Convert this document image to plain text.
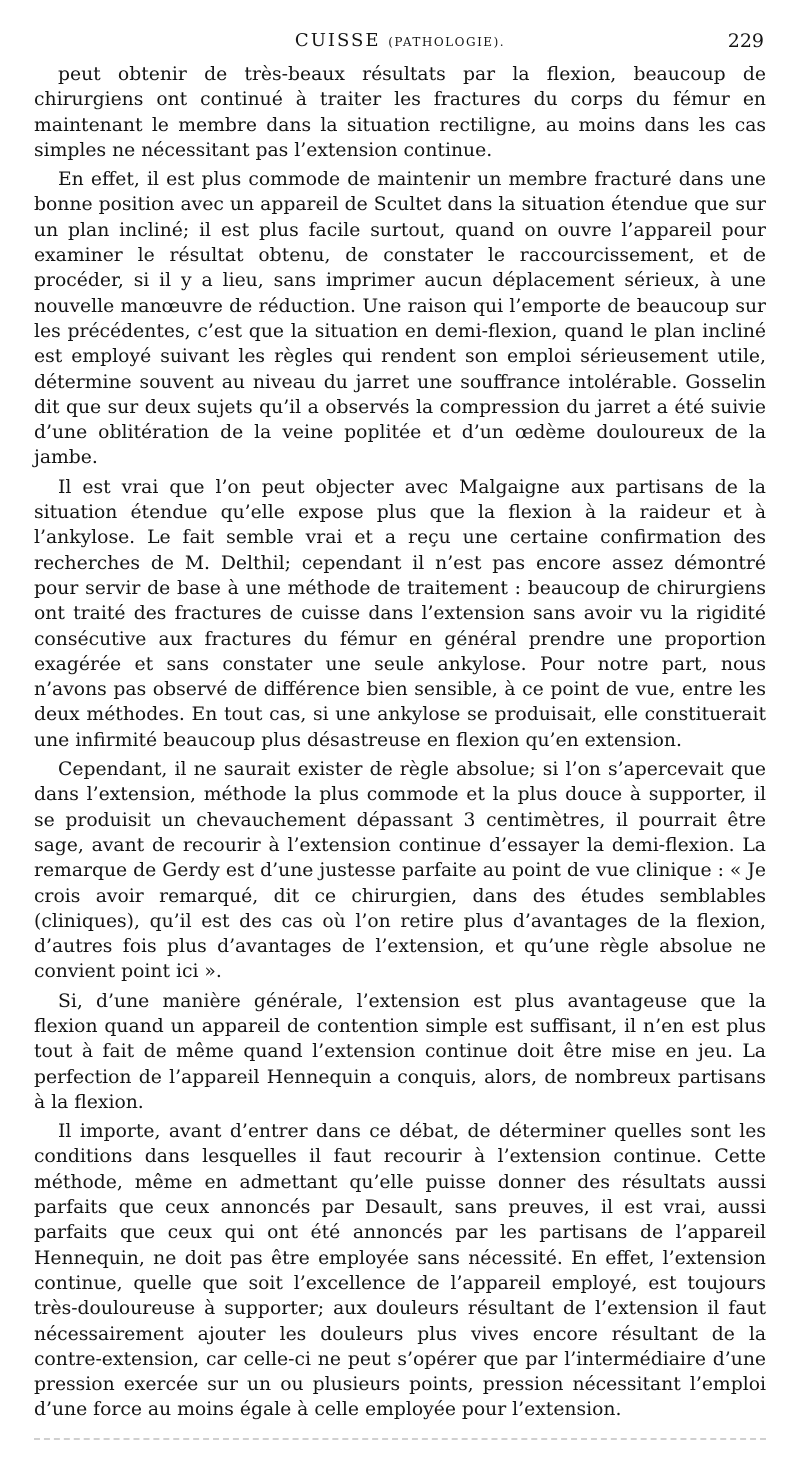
CUISSE (PATHOLOGIE).	229

peut obtenir de très-beaux résultats par la flexion, beaucoup de chirurgiens ont continué à traiter les fractures du corps du fémur en maintenant le membre dans la situation rectiligne, au moins dans les cas simples ne nécessitant pas l’extension continue.

En effet, il est plus commode de maintenir un membre fracturé dans une bonne position avec un appareil de Scultet dans la situation étendue que sur un plan incliné; il est plus facile surtout, quand on ouvre l’appareil pour examiner le résultat obtenu, de constater le raccourcissement, et de procéder, si il y a lieu, sans imprimer aucun déplacement sérieux, à une nouvelle manœuvre de réduction. Une raison qui l’emporte de beaucoup sur les précédentes, c’est que la situation en demi-flexion, quand le plan incliné est employé suivant les règles qui rendent son emploi sérieusement utile, détermine souvent au niveau du jarret une souffrance intolérable. Gosselin dit que sur deux sujets qu’il a observés la compression du jarret a été suivie d’une oblitération de la veine poplitée et d’un œdème douloureux de la jambe.

Il est vrai que l’on peut objecter avec Malgaigne aux partisans de la situation étendue qu’elle expose plus que la flexion à la raideur et à l’ankylose. Le fait semble vrai et a reçu une certaine confirmation des recherches de M. Delthil; cependant il n’est pas encore assez démontré pour servir de base à une méthode de traitement : beaucoup de chirurgiens ont traité des fractures de cuisse dans l’extension sans avoir vu la rigidité consécutive aux fractures du fémur en général prendre une proportion exagérée et sans constater une seule ankylose. Pour notre part, nous n’avons pas observé de différence bien sensible, à ce point de vue, entre les deux méthodes. En tout cas, si une ankylose se produisait, elle constituerait une infirmité beaucoup plus désastreuse en flexion qu’en extension.

Cependant, il ne saurait exister de règle absolue; si l’on s’apercevait que dans l’extension, méthode la plus commode et la plus douce à supporter, il se produisit un chevauchement dépassant 3 centimètres, il pourrait être sage, avant de recourir à l’extension continue d’essayer la demi-flexion. La remarque de Gerdy est d’une justesse parfaite au point de vue clinique : « Je crois avoir remarqué, dit ce chirurgien, dans des études semblables (cliniques), qu’il est des cas où l’on retire plus d’avantages de la flexion, d’autres fois plus d’avantages de l’extension, et qu’une règle absolue ne convient point ici ».

Si, d’une manière générale, l’extension est plus avantageuse que la flexion quand un appareil de contention simple est suffisant, il n’en est plus tout à fait de même quand l’extension continue doit être mise en jeu. La perfection de l’appareil Hennequin a conquis, alors, de nombreux partisans à la flexion.

Il importe, avant d’entrer dans ce débat, de déterminer quelles sont les conditions dans lesquelles il faut recourir à l’extension continue. Cette méthode, même en admettant qu’elle puisse donner des résultats aussi parfaits que ceux annoncés par Desault, sans preuves, il est vrai, aussi parfaits que ceux qui ont été annoncés par les partisans de l’appareil Hennequin, ne doit pas être employée sans nécessité. En effet, l’extension continue, quelle que soit l’excellence de l’appareil employé, est toujours très-douloureuse à supporter; aux douleurs résultant de l’extension il faut nécessairement ajouter les douleurs plus vives encore résultant de la contre-extension, car celle-ci ne peut s’opérer que par l’intermédiaire d’une pression exercée sur un ou plusieurs points, pression nécessitant l’emploi d’une force au moins égale à celle employée pour l’extension.
